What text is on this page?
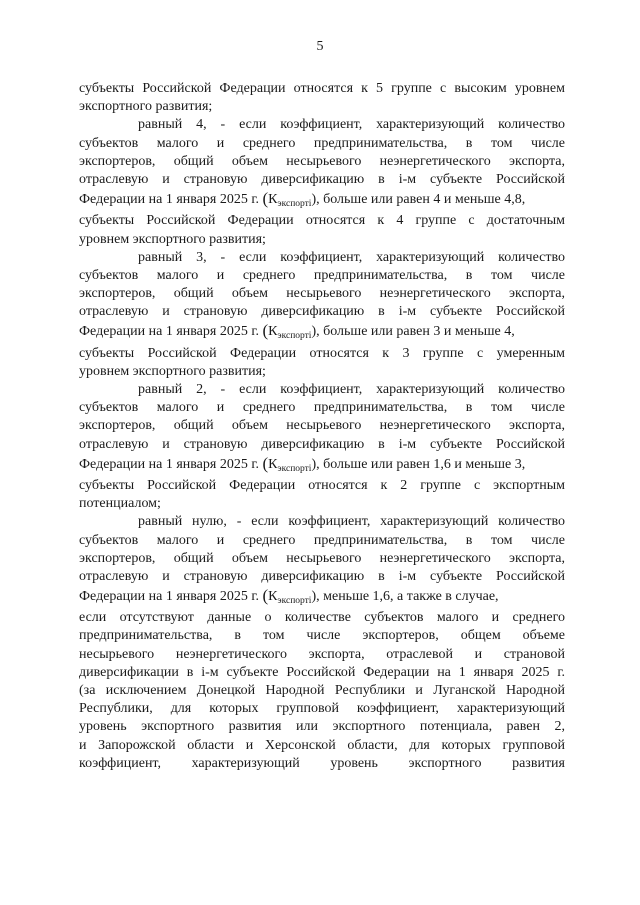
5
субъекты Российской Федерации относятся к 5 группе с высоким уровнем
экспортного развития;
равный 4, - если коэффициент, характеризующий количество
субъектов малого и среднего предпринимательства, в том числе
экспортеров, общий объем несырьевого неэнергетического экспорта,
отраслевую и страновую диверсификацию в i-м субъекте Российской
Федерации на 1 января 2025 г. $(К_{экспортi})$, больше или равен 4 и меньше 4,8,
субъекты Российской Федерации относятся к 4 группе с достаточным
уровнем экспортного развития;
равный 3, - если коэффициент, характеризующий количество
субъектов малого и среднего предпринимательства, в том числе
экспортеров, общий объем несырьевого неэнергетического экспорта,
отраслевую и страновую диверсификацию в i-м субъекте Российской
Федерации на 1 января 2025 г. $(К_{экспортi})$, больше или равен 3 и меньше 4,
субъекты Российской Федерации относятся к 3 группе с умеренным
уровнем экспортного развития;
равный 2, - если коэффициент, характеризующий количество
субъектов малого и среднего предпринимательства, в том числе
экспортеров, общий объем несырьевого неэнергетического экспорта,
отраслевую и страновую диверсификацию в i-м субъекте Российской
Федерации на 1 января 2025 г. $(К_{экспортi})$, больше или равен 1,6 и меньше 3,
субъекты Российской Федерации относятся к 2 группе с экспортным
потенциалом;
равный нулю, - если коэффициент, характеризующий количество
субъектов малого и среднего предпринимательства, в том числе
экспортеров, общий объем несырьевого неэнергетического экспорта,
отраслевую и страновую диверсификацию в i-м субъекте Российской
Федерации на 1 января 2025 г. $(К_{экспортi})$, меньше 1,6, а также в случае,
если отсутствуют данные о количестве субъектов малого и среднего
предпринимательства, в том числе экспортеров, общем объеме
несырьевого неэнергетического экспорта, отраслевой и страновой
диверсификации в i-м субъекте Российской Федерации на 1 января 2025 г.
(за исключением Донецкой Народной Республики и Луганской Народной
Республики, для которых групповой коэффициент, характеризующий
уровень экспортного развития или экспортного потенциала, равен 2,
и Запорожской области и Херсонской области, для которых групповой
коэффициент, характеризующий уровень экспортного развития
